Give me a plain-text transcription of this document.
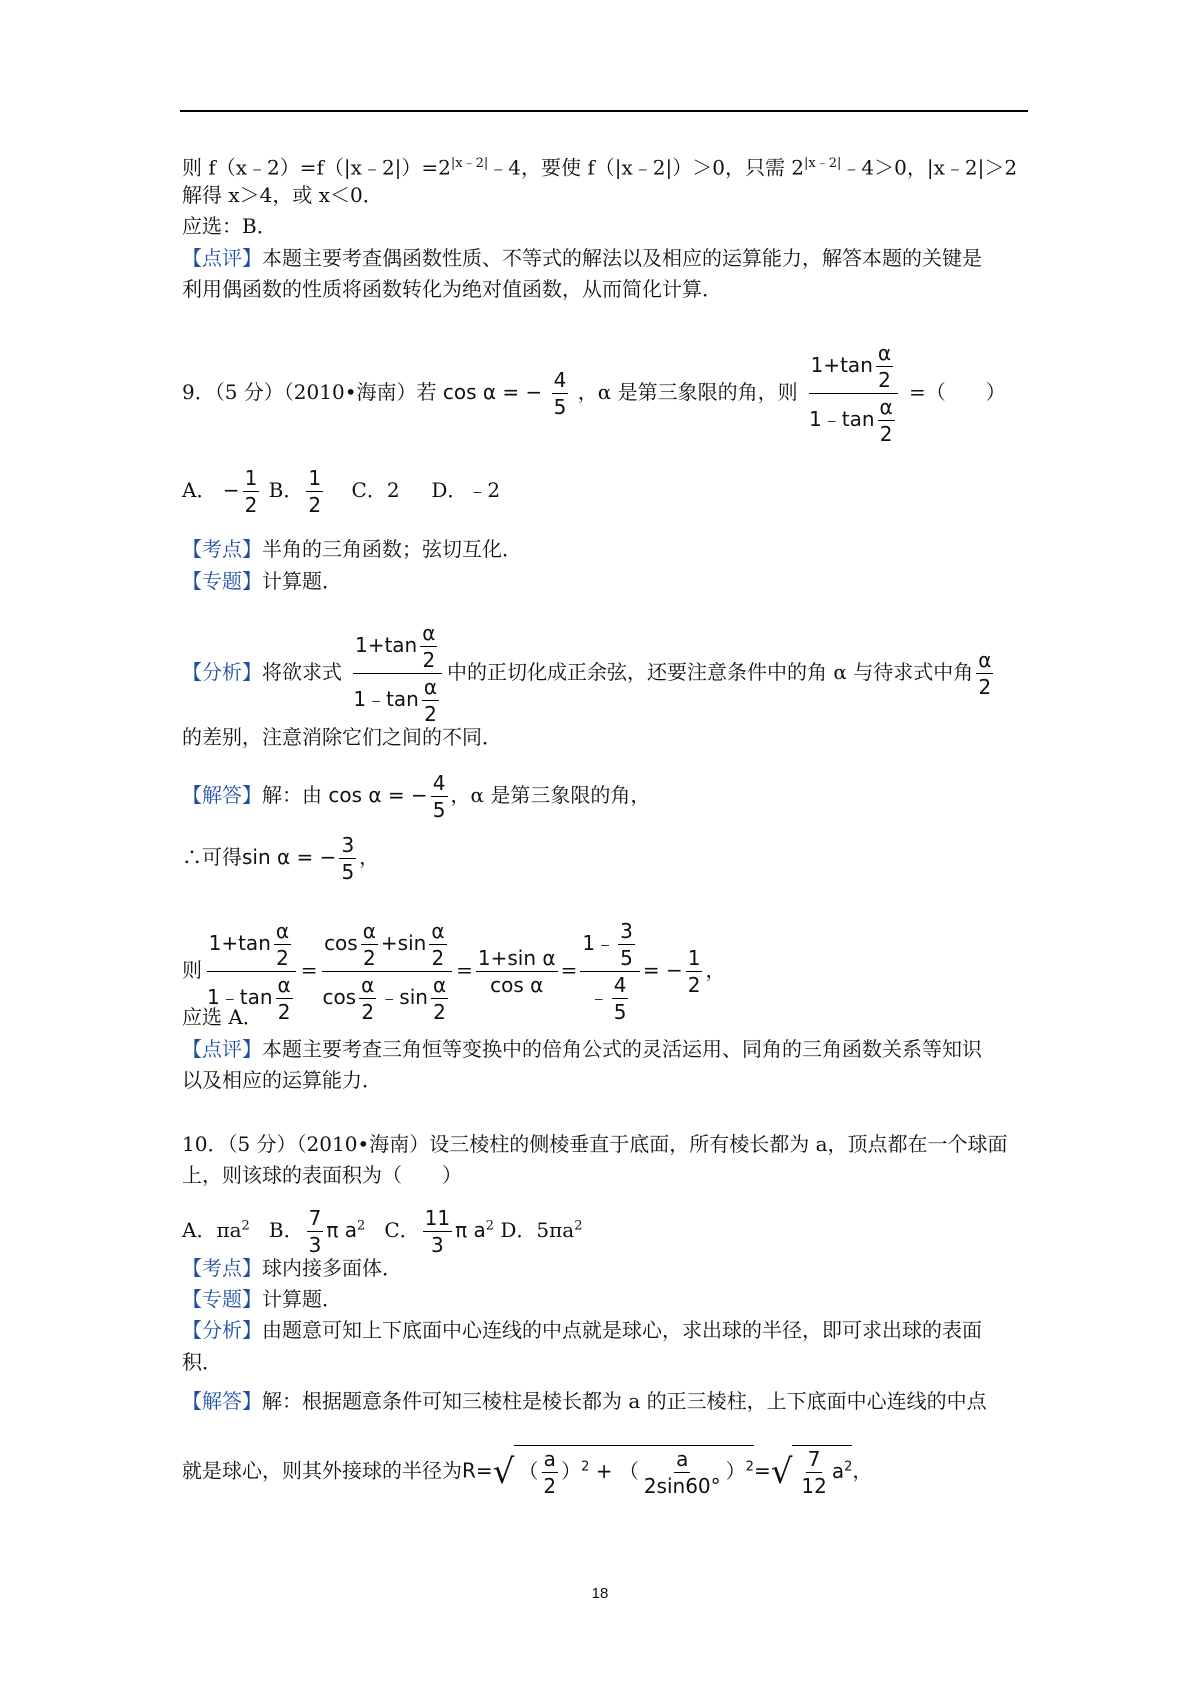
则 $f(x﹣2)=f(|x﹣2|)=2^{|x﹣2|}﹣4$，要使 f（|x﹣2|）＞0，只需 $2^{|x﹣2|}﹣4>0$，|x﹣2|＞2
解得 x＞4，或 x＜0．
应选：B．
【点评】本题主要考查偶函数性质、不等式的解法以及相应的运算能力，解答本题的关键是
利用偶函数的性质将函数转化为绝对值函数，从而简化计算．
9．（5 分）（2010•海南）若 cos α = − $\frac{4}{5}$ ，α 是第三象限的角，则 $\frac{1+\tan \frac{\alpha}{2}}{1﹣\tan \frac{\alpha}{2}}$ =（　　）
A． − $\frac{1}{2}$ B． $\frac{1}{2}$ C．2 D．﹣2
【考点】半角的三角函数；弦切互化．
【专题】计算题．
【分析】将欲求式 $\frac{1+\tan \frac{\alpha}{2}}{1﹣\tan \frac{\alpha}{2}}$ 中的正切化成正余弦，还要注意条件中的角 α 与待求式中角 $\frac{\alpha}{2}$
的差别，注意消除它们之间的不同．
【解答】解：由 cos α = − $\frac{4}{5}$ ，α 是第三象限的角，
∴可得sin α = − $\frac{3}{5}$ ，
则 $\frac{1+\tan \frac{\alpha}{2}}{1﹣\tan \frac{\alpha}{2}} = \frac{\cos \frac{\alpha}{2} +\sin \frac{\alpha}{2}}{\cos \frac{\alpha}{2} ﹣\sin \frac{\alpha}{2}} = \frac{\text{1+sin α}}{\text{cos α}} = \frac{1﹣ \frac{3}{5}}{﹣ \frac{4}{5}}$ = − $\frac{1}{2}$ ，
应选 A．
【点评】本题主要考查三角恒等变换中的倍角公式的灵活运用、同角的三角函数关系等知识
以及相应的运算能力．
10．（5 分）（2010•海南）设三棱柱的侧棱垂直于底面，所有棱长都为 a，顶点都在一个球面
上，则该球的表面积为（　　）
A．$\pi a^2$ B． $\frac{7}{3}$ π $a^2$ C． $\frac{11}{3}$ π $a^2$ D．$5\pi a^2$
【考点】球内接多面体．
【专题】计算题．
【分析】由题意可知上下底面中心连线的中点就是球心，求出球的半径，即可求出球的表面
积．
【解答】解：根据题意条件可知三棱柱是棱长都为 a 的正三棱柱，上下底面中心连线的中点
就是球心，则其外接球的半径为R=√ （ $\frac{a}{2} )^2$ + （ $\frac{a}{2\sin 60^\circ} )^2=√ \frac{7}{12} a^2$，
18
